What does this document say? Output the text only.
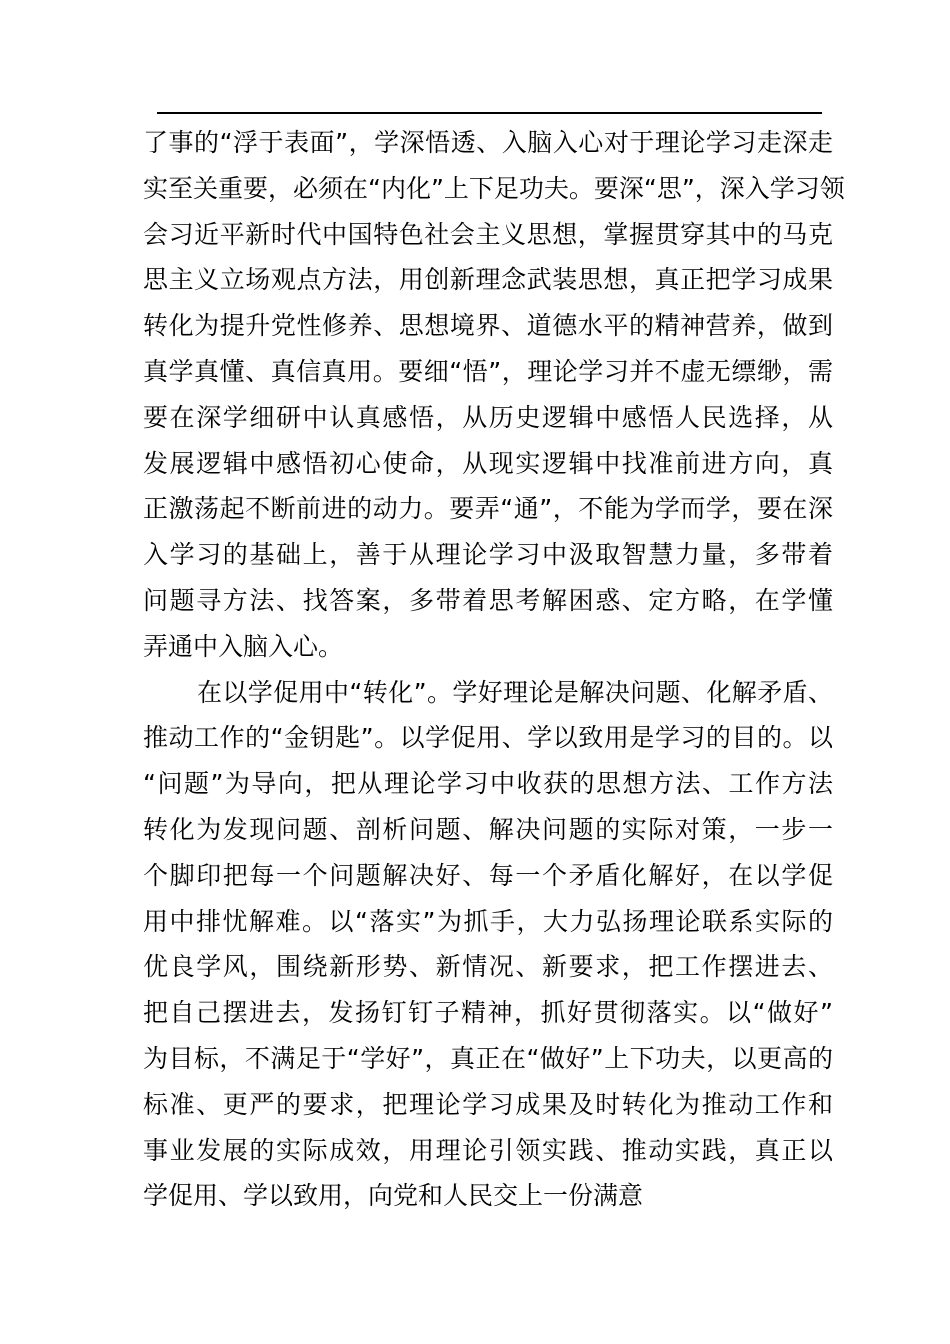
了事的“浮于表面”，学深悟透、入脑入心对于理论学习走深走
实至关重要，必须在“内化”上下足功夫。要深“思”，深入学习领
会习近平新时代中国特色社会主义思想，掌握贯穿其中的马克
思主义立场观点方法，用创新理念武装思想，真正把学习成果
转化为提升党性修养、思想境界、道德水平的精神营养，做到
真学真懂、真信真用。要细“悟”，理论学习并不虚无缥缈，需
要在深学细研中认真感悟，从历史逻辑中感悟人民选择，从
发展逻辑中感悟初心使命，从现实逻辑中找准前进方向，真
正激荡起不断前进的动力。要弄“通”，不能为学而学，要在深
入学习的基础上，善于从理论学习中汲取智慧力量，多带着
问题寻方法、找答案，多带着思考解困惑、定方略，在学懂
弄通中入脑入心。
在以学促用中“转化”。学好理论是解决问题、化解矛盾、
推动工作的“金钥匙”。以学促用、学以致用是学习的目的。以
“问题”为导向，把从理论学习中收获的思想方法、工作方法
转化为发现问题、剖析问题、解决问题的实际对策，一步一
个脚印把每一个问题解决好、每一个矛盾化解好，在以学促
用中排忧解难。以“落实”为抓手，大力弘扬理论联系实际的
优良学风，围绕新形势、新情况、新要求，把工作摆进去、
把自己摆进去，发扬钉钉子精神，抓好贯彻落实。以“做好”
为目标，不满足于“学好”，真正在“做好”上下功夫，以更高的
标准、更严的要求，把理论学习成果及时转化为推动工作和
事业发展的实际成效，用理论引领实践、推动实践，真正以
学促用、学以致用，向党和人民交上一份满意
